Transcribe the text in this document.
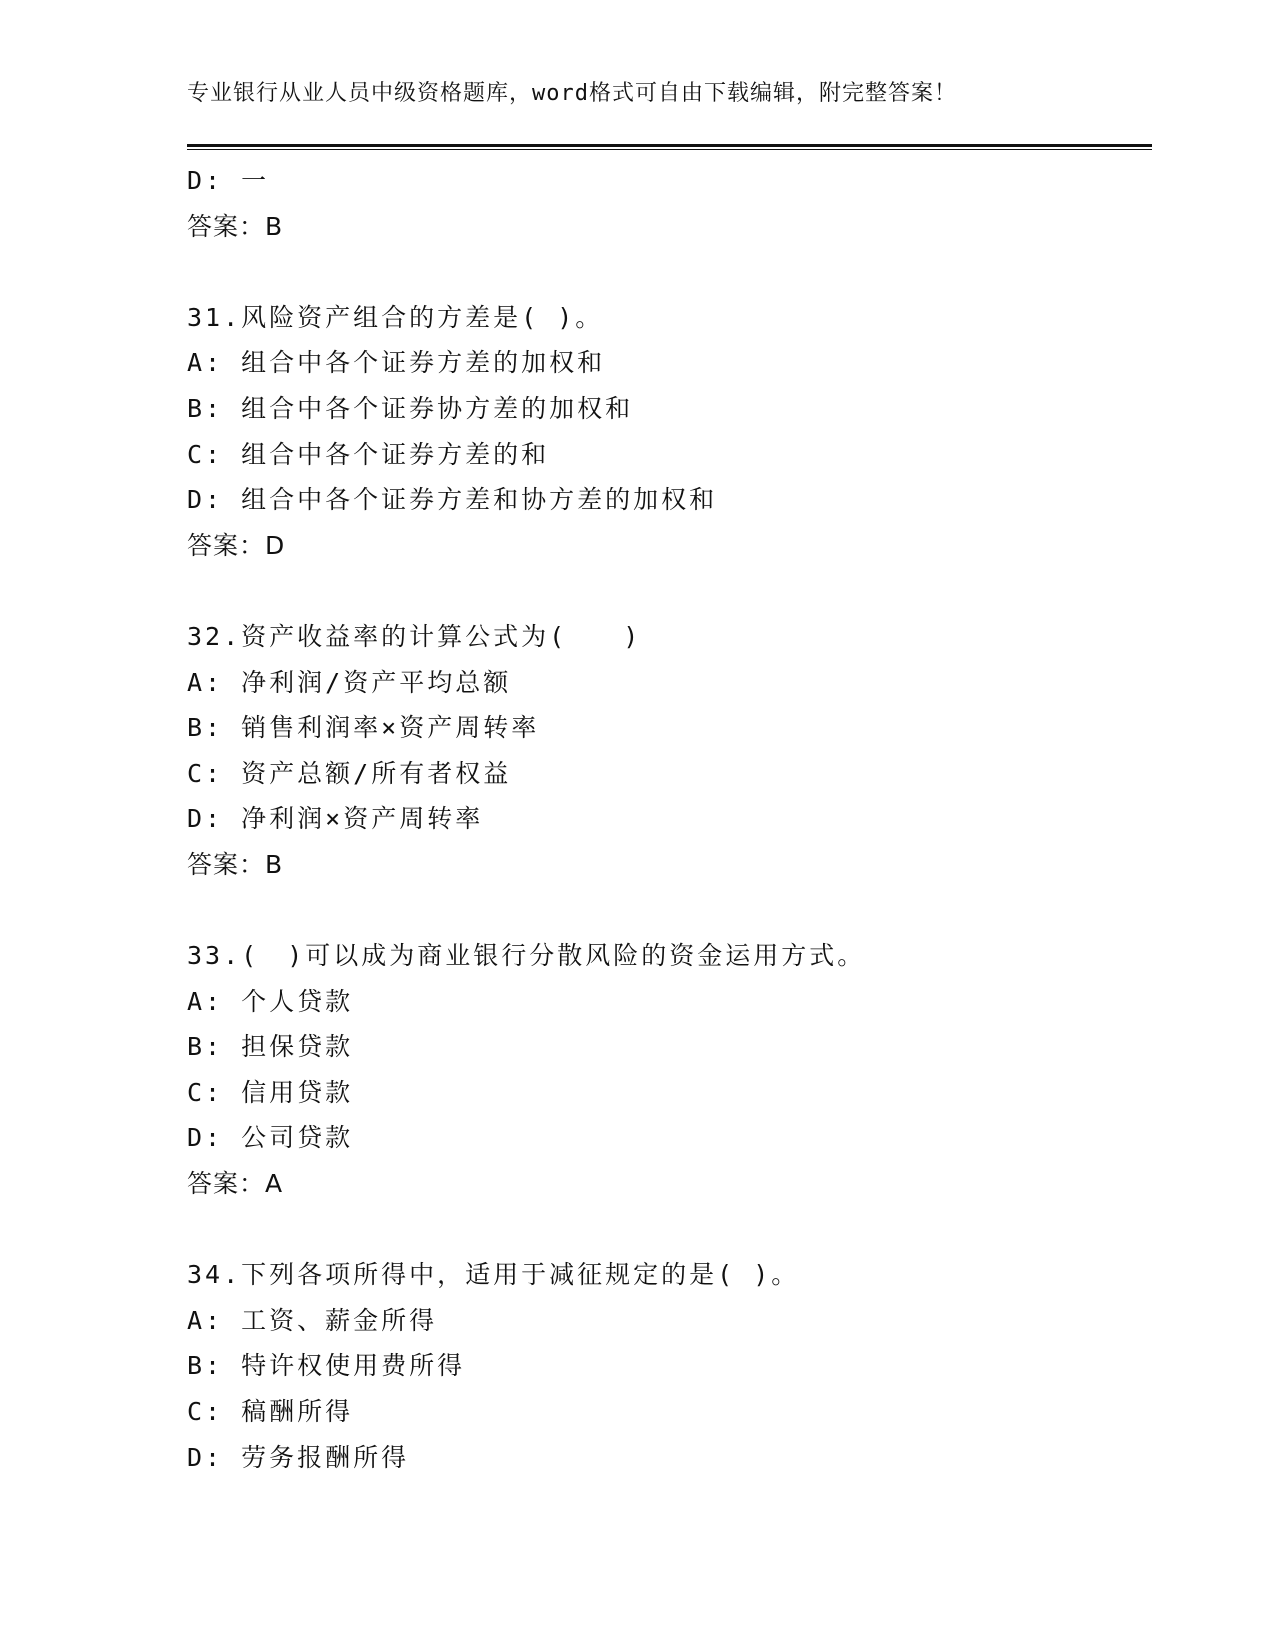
专业银行从业人员中级资格题库，word格式可自由下载编辑，附完整答案！
D: 一
答案：B
31.风险资产组合的方差是( )。
A: 组合中各个证券方差的加权和
B: 组合中各个证券协方差的加权和
C: 组合中各个证券方差的和
D: 组合中各个证券方差和协方差的加权和
答案：D
32.资产收益率的计算公式为(　　)
A: 净利润/资产平均总额
B: 销售利润率×资产周转率
C: 资产总额/所有者权益
D: 净利润×资产周转率
答案：B
33.(　)可以成为商业银行分散风险的资金运用方式。
A: 个人贷款
B: 担保贷款
C: 信用贷款
D: 公司贷款
答案：A
34.下列各项所得中，适用于减征规定的是( )。
A: 工资、薪金所得
B: 特许权使用费所得
C: 稿酬所得
D: 劳务报酬所得
